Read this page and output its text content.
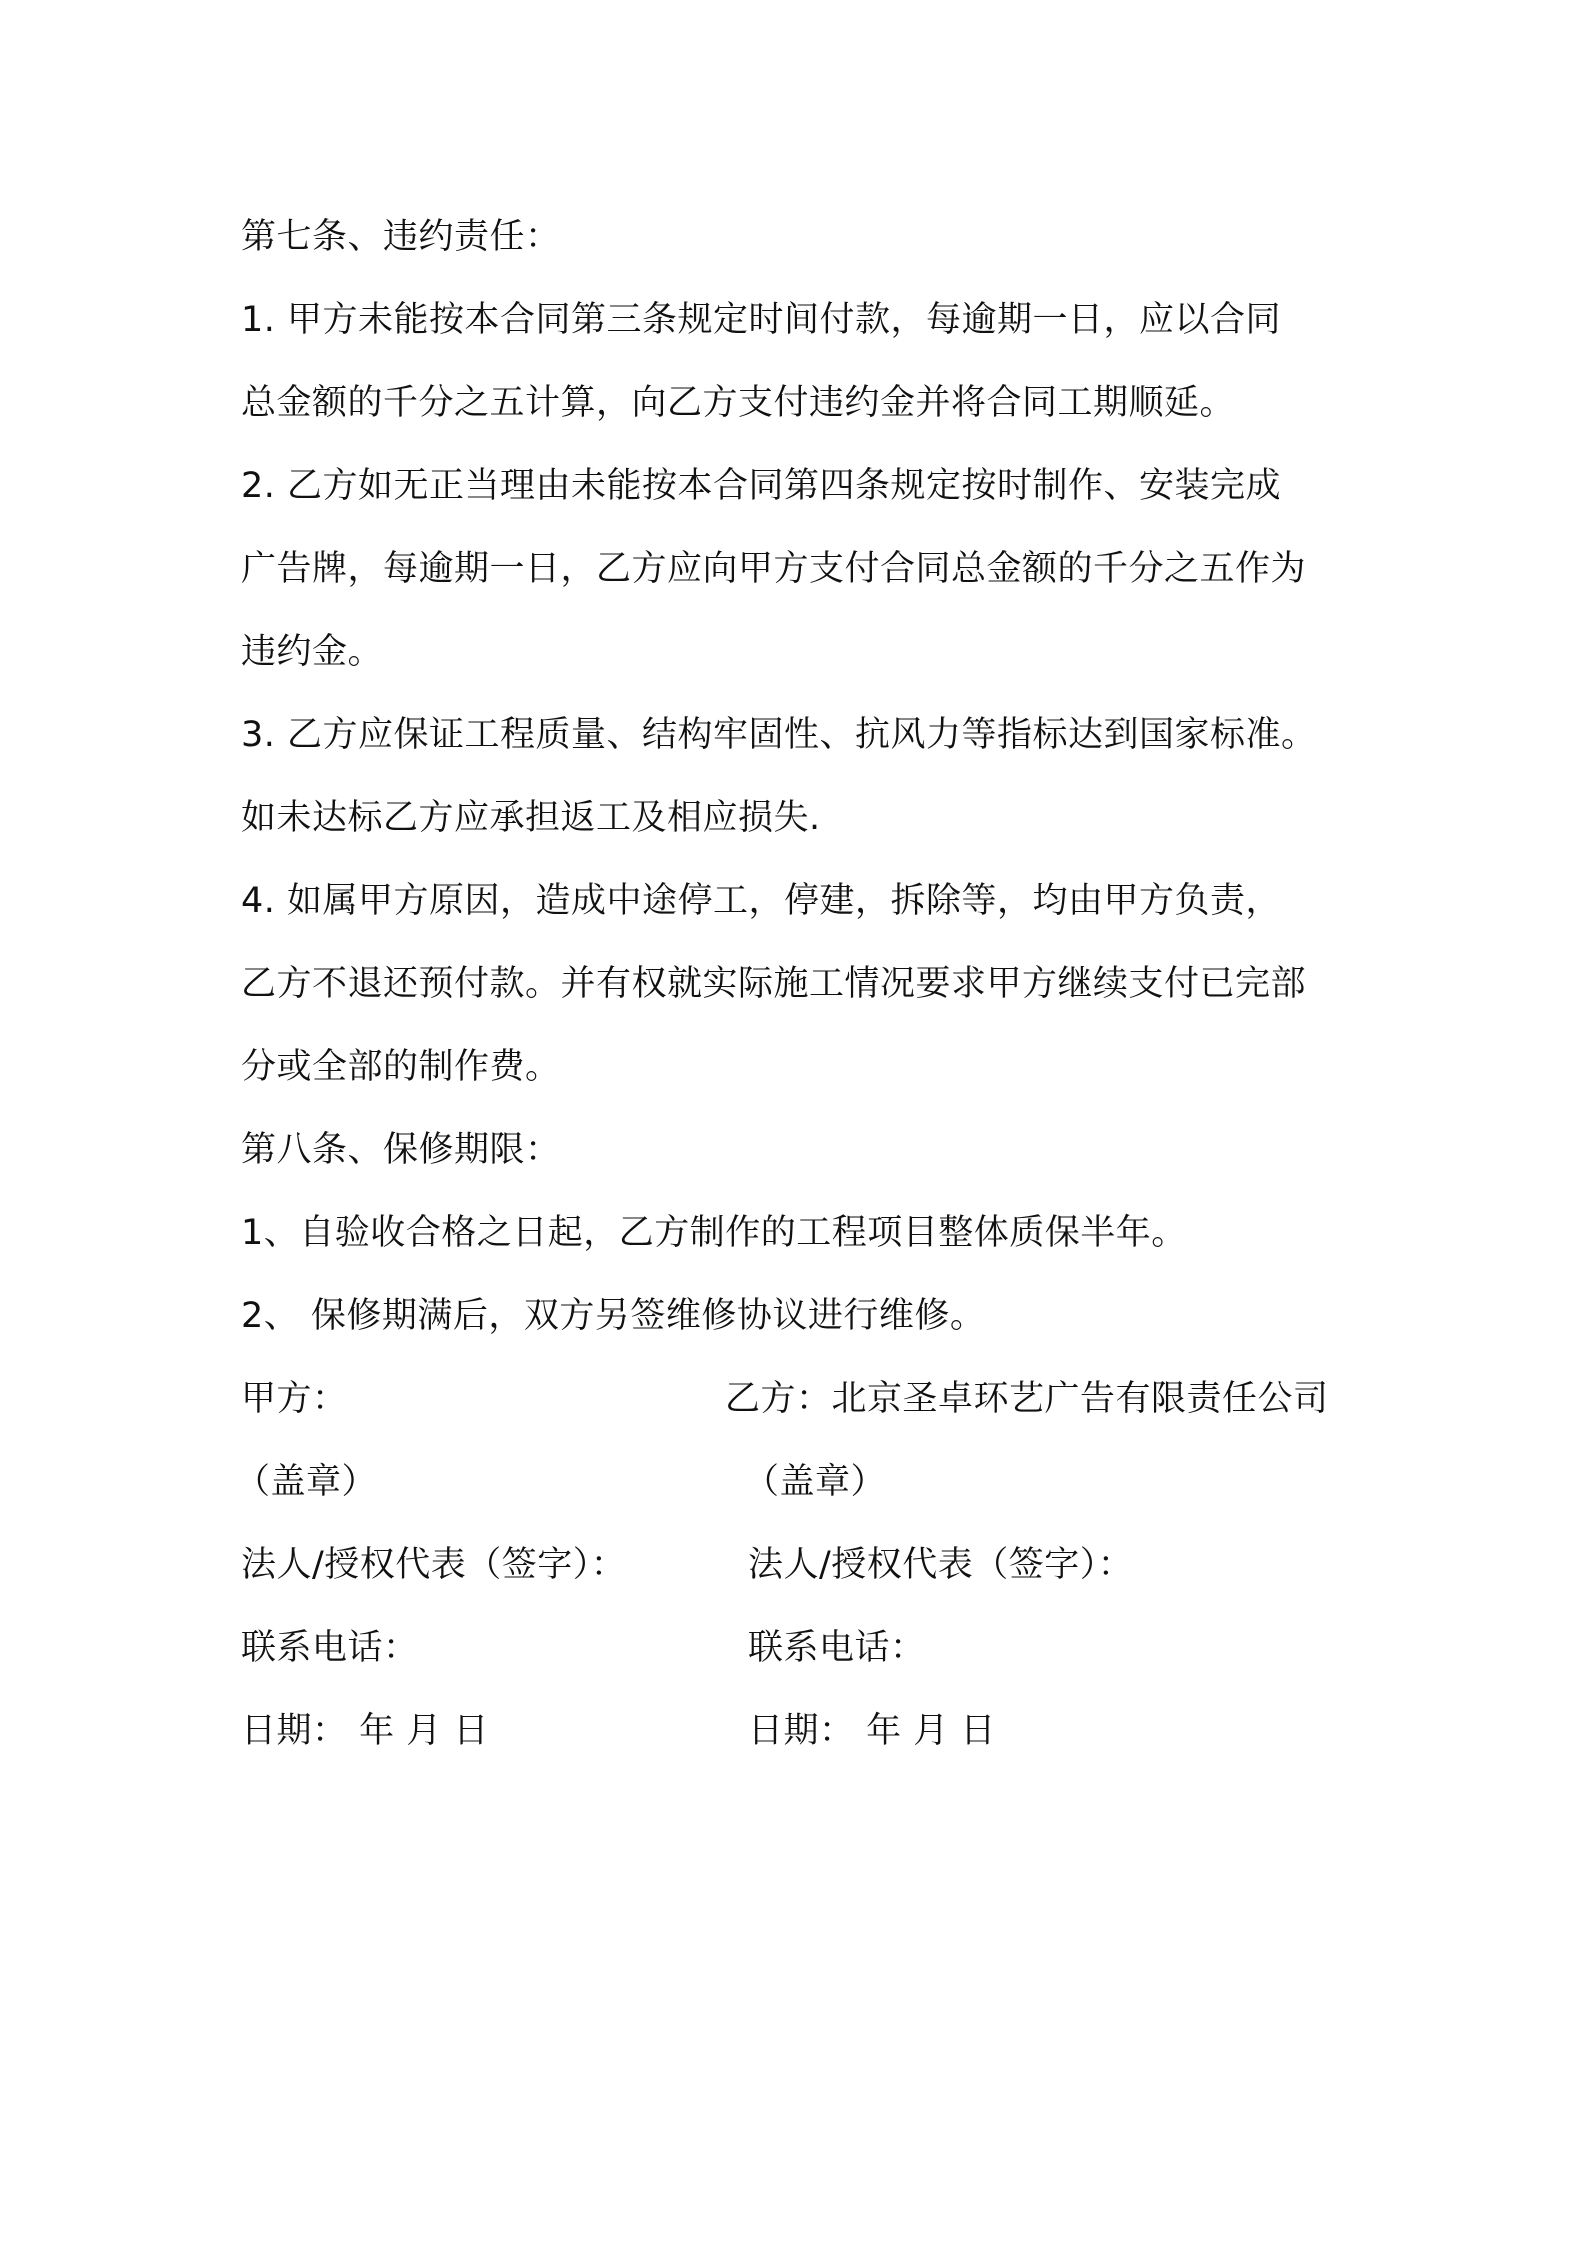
第七条、违约责任：
1. 甲方未能按本合同第三条规定时间付款，每逾期一日，应以合同
总金额的千分之五计算，向乙方支付违约金并将合同工期顺延。
2. 乙方如无正当理由未能按本合同第四条规定按时制作、安装完成
广告牌，每逾期一日，乙方应向甲方支付合同总金额的千分之五作为
违约金。
3. 乙方应保证工程质量、结构牢固性、抗风力等指标达到国家标准。
如未达标乙方应承担返工及相应损失.
4. 如属甲方原因，造成中途停工，停建，拆除等，均由甲方负责，
乙方不退还预付款。并有权就实际施工情况要求甲方继续支付已完部
分或全部的制作费。
第八条、保修期限：
1、自验收合格之日起，乙方制作的工程项目整体质保半年。
2、 保修期满后，双方另签维修协议进行维修。
甲方：	乙方：北京圣卓环艺广告有限责任公司
（盖章）	（盖章）
法人/授权代表（签字）：	法人/授权代表（签字）：
联系电话：	联系电话：
日期： 年 月 日	日期： 年 月 日
